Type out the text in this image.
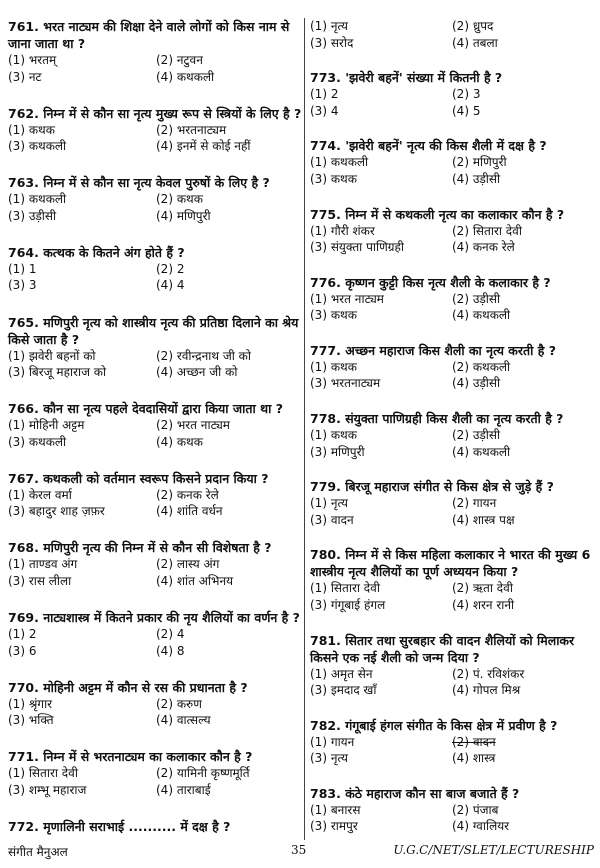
761. भरत नाट्यम की शिक्षा देने वाले लोगों को किस नाम से जाना जाता था ?
(1) भरतम्	(2) नटुवन
(3) नट	(4) कथकली
762. निम्न में से कौन सा नृत्य मुख्य रूप से स्त्रियों के लिए है ?
(1) कथक	(2) भरतनाट्यम
(3) कथकली	(4) इनमें से कोई नहीं
763. निम्न में से कौन सा नृत्य केवल पुरुषों के लिए है ?
(1) कथकली	(2) कथक
(3) उड़ीसी	(4) मणिपुरी
764. कत्थक के कितने अंग होते हैं ?
(1) 1	(2) 2
(3) 3	(4) 4
765. मणिपुरी नृत्य को शास्त्रीय नृत्य की प्रतिष्ठा दिलाने का श्रेय किसे जाता है ?
(1) झवेरी बहनों को	(2) रवीन्द्रनाथ जी को
(3) बिरजू महाराज को	(4) अच्छन जी को
766. कौन सा नृत्य पहले देवदासियों द्वारा किया जाता था ?
(1) मोहिनी अट्टम	(2) भरत नाट्यम
(3) कथकली	(4) कथक
767. कथकली को वर्तमान स्वरूप किसने प्रदान किया ?
(1) केरल वर्मा	(2) कनक रेले
(3) बहादुर शाह ज़फ़र	(4) शांति वर्धन
768. मणिपुरी नृत्य की निम्न में से कौन सी विशेषता है ?
(1) ताण्डव अंग	(2) लास्य अंग
(3) रास लीला	(4) शांत अभिनय
769. नाट्यशास्त्र में कितने प्रकार की नृय शैलियों का वर्णन है ?
(1) 2	(2) 4
(3) 6	(4) 8
770. मोहिनी अट्टम में कौन से रस की प्रधानता है ?
(1) श्रृंगार	(2) करुण
(3) भक्ति	(4) वात्सल्य
771. निम्न में से भरतनाट्यम का कलाकार कौन है ?
(1) सितारा देवी	(2) यामिनी कृष्णमूर्ति
(3) शम्भू महाराज	(4) ताराबाई
772. मृणालिनी सराभाई .......... में दक्ष है ?
(1) नृत्य	(2) ध्रुपद
(3) सरोद	(4) तबला
773. 'झवेरी बहनें' संख्या में कितनी है ?
(1) 2	(2) 3
(3) 4	(4) 5
774. 'झवेरी बहनें' नृत्य की किस शैली में दक्ष है ?
(1) कथकली	(2) मणिपुरी
(3) कथक	(4) उड़ीसी
775. निम्न में से कथकली नृत्य का कलाकार कौन है ?
(1) गौरी शंकर	(2) सितारा देवी
(3) संयुक्ता पाणिग्रही	(4) कनक रेले
776. कृष्णन कुट्टी किस नृत्य शैली के कलाकार है ?
(1) भरत नाट्यम	(2) उड़ीसी
(3) कथक	(4) कथकली
777. अच्छन महाराज किस शैली का नृत्य करती है ?
(1) कथक	(2) कथकली
(3) भरतनाट्यम	(4) उड़ीसी
778. संयुक्ता पाणिग्रही किस शैली का नृत्य करती है ?
(1) कथक	(2) उड़ीसी
(3) मणिपुरी	(4) कथकली
779. बिरजू महाराज संगीत से किस क्षेत्र से जुड़े हैं ?
(1) नृत्य	(2) गायन
(3) वादन	(4) शास्त्र पक्ष
780. निम्न में से किस महिला कलाकार ने भारत की मुख्य 6 शास्त्रीय नृत्य शैलियों का पूर्ण अध्ययन किया ?
(1) सितारा देवी	(2) ऋता देवी
(3) गंगूबाई हंगल	(4) शरन रानी
781. सितार तथा सुरबहार की वादन शैलियों को मिलाकर किसने एक नई शैली को जन्म दिया ?
(1) अमृत सेन	(2) पं. रविशंकर
(3) इमदाद खाँ	(4) गोपल मिश्र
782. गंगूबाई हंगल संगीत के किस क्षेत्र में प्रवीण है ?
(1) गायन	(2) वादन
(3) नृत्य	(4) शास्त्र
783. कंठे महाराज कौन सा बाज बजाते हैं ?
(1) बनारस	(2) पंजाब
(3) रामपुर	(4) ग्वालियर
संगीत मैनुअल	35	U.G.C/NET/SLET/LECTURESHIP
